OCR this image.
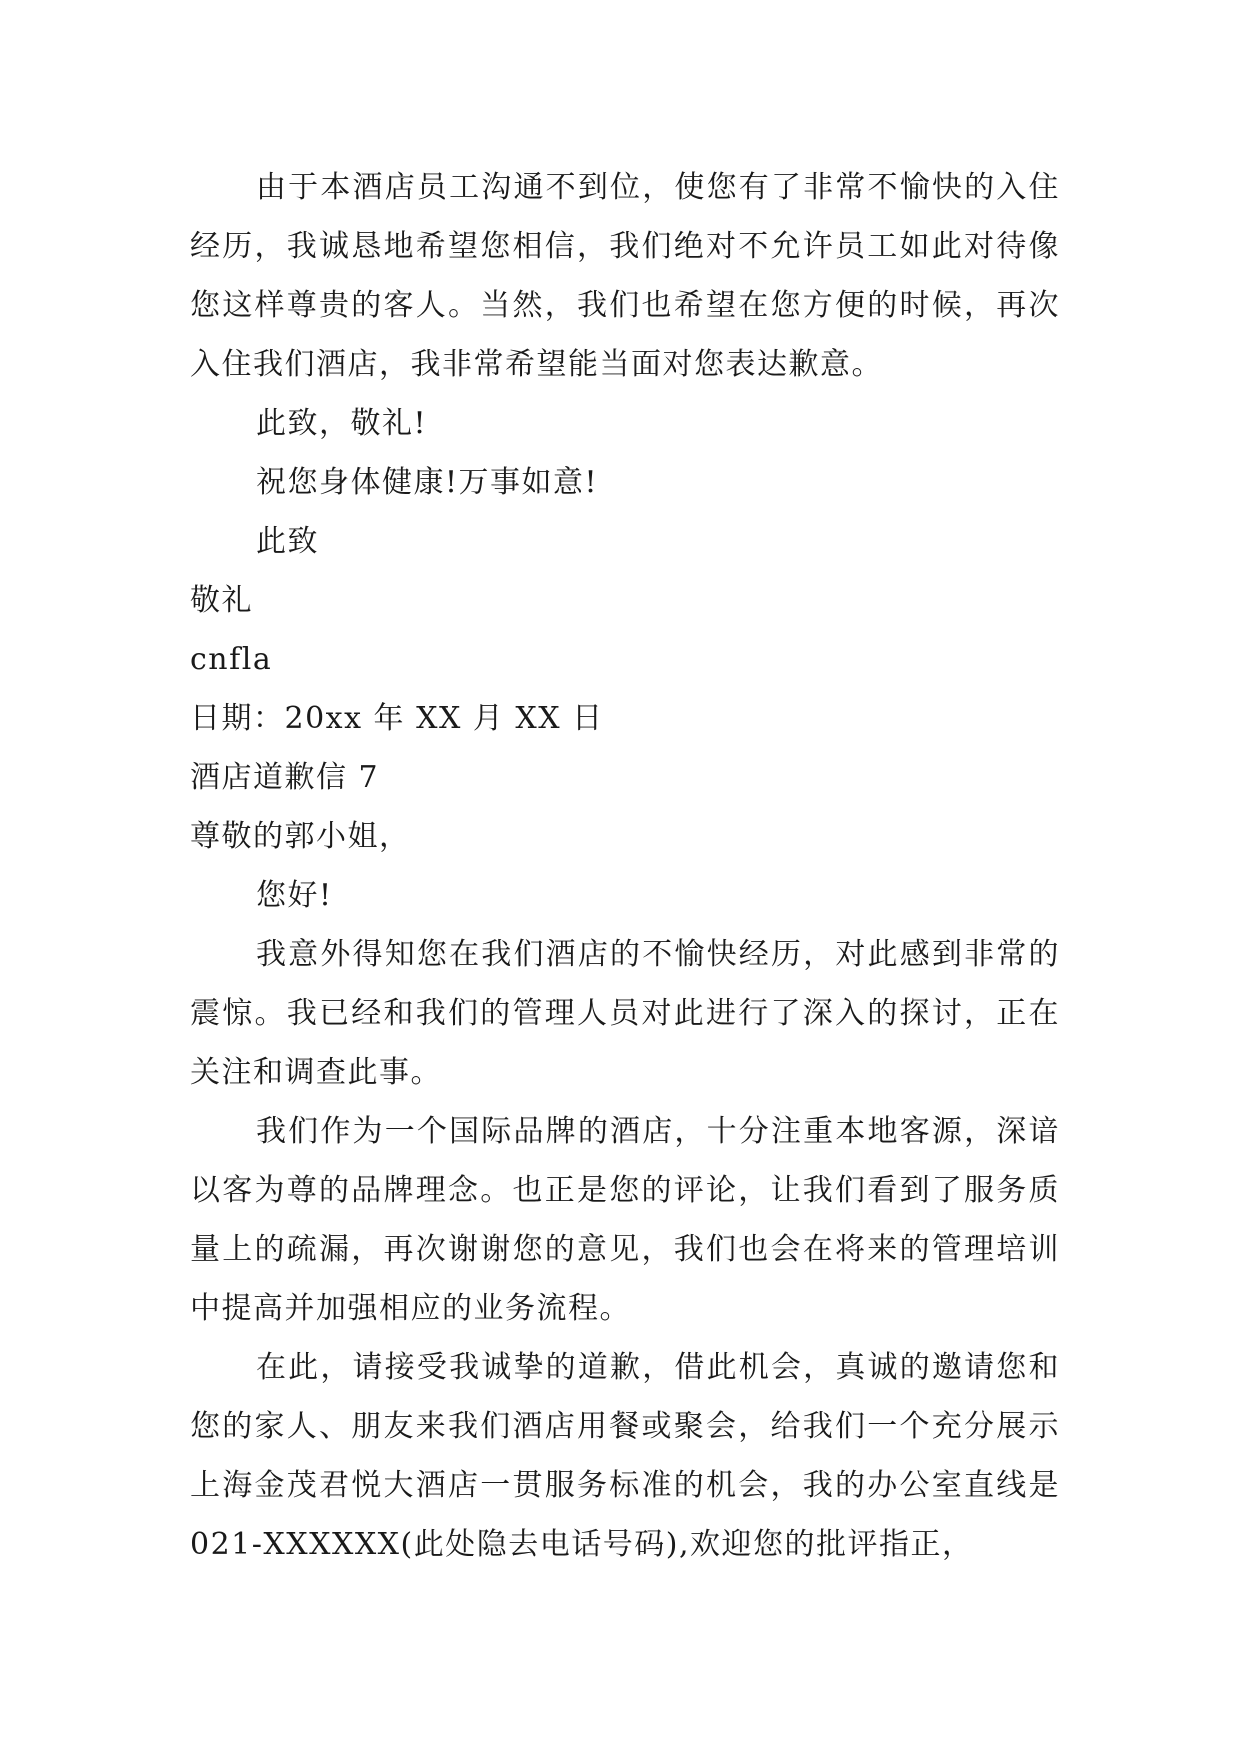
由于本酒店员工沟通不到位，使您有了非常不愉快的入住经历，我诚恳地希望您相信，我们绝对不允许员工如此对待像您这样尊贵的客人。当然，我们也希望在您方便的时候，再次入住我们酒店，我非常希望能当面对您表达歉意。

此致，敬礼!

祝您身体健康!万事如意!

此致

敬礼

cnfla

日期：20xx 年 XX 月 XX 日

酒店道歉信 7

尊敬的郭小姐，

您好!

我意外得知您在我们酒店的不愉快经历，对此感到非常的震惊。我已经和我们的管理人员对此进行了深入的探讨，正在关注和调查此事。

我们作为一个国际品牌的酒店，十分注重本地客源，深谙以客为尊的品牌理念。也正是您的评论，让我们看到了服务质量上的疏漏，再次谢谢您的意见，我们也会在将来的管理培训中提高并加强相应的业务流程。

在此，请接受我诚挚的道歉，借此机会，真诚的邀请您和您的家人、朋友来我们酒店用餐或聚会，给我们一个充分展示上海金茂君悦大酒店一贯服务标准的机会，我的办公室直线是021-XXXXXX(此处隐去电话号码),欢迎您的批评指正，
